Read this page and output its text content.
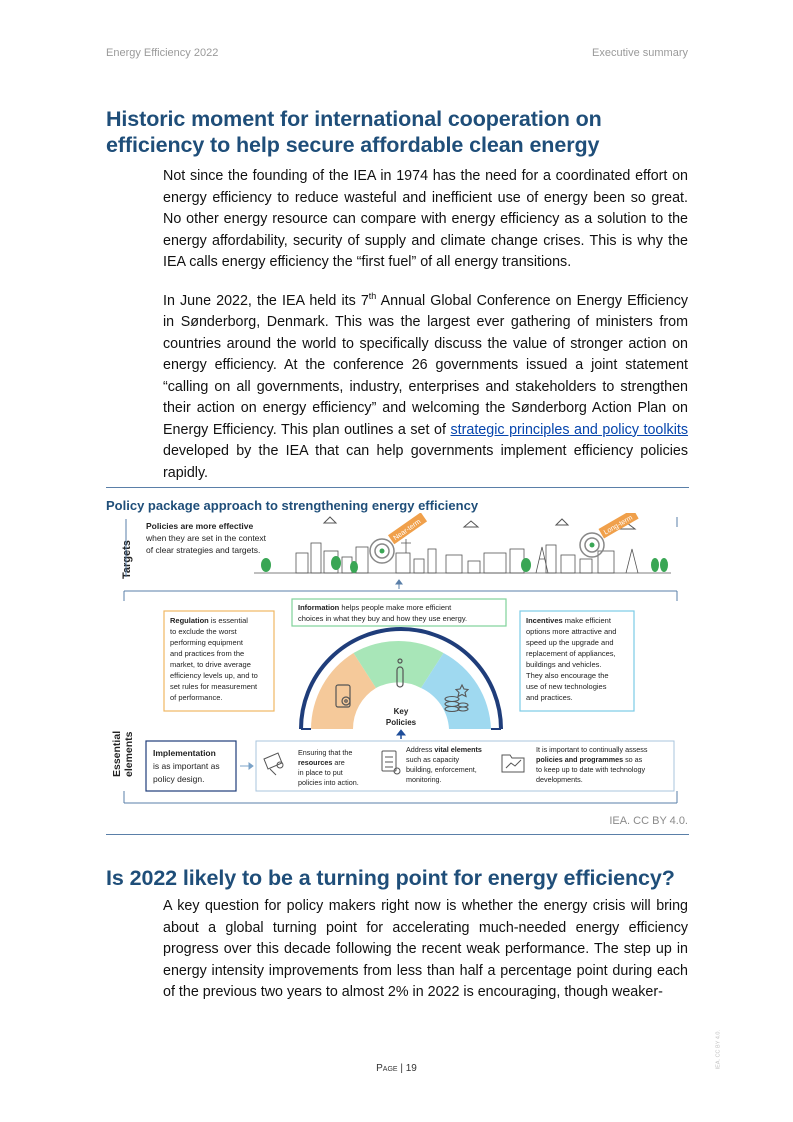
Energy Efficiency 2022	Executive summary
Historic moment for international cooperation on
efficiency to help secure affordable clean energy

Not since the founding of the IEA in 1974 has the need for a coordinated effort on energy efficiency to reduce wasteful and inefficient use of energy been so great. No other energy resource can compare with energy efficiency as a solution to the energy affordability, security of supply and climate change crises. This is why the IEA calls energy efficiency the “first fuel” of all energy transitions.

In June 2022, the IEA held its 7th Annual Global Conference on Energy Efficiency in Sønderborg, Denmark. This was the largest ever gathering of ministers from countries around the world to specifically discuss the value of stronger action on energy efficiency. At the conference 26 governments issued a joint statement “calling on all governments, industry, enterprises and stakeholders to strengthen their action on energy efficiency” and welcoming the Sønderborg Action Plan on Energy Efficiency. This plan outlines a set of strategic principles and policy toolkits developed by the IEA that can help governments implement efficiency policies rapidly.

Policy package approach to strengthening energy efficiency
Targets
Policies are more effective
when they are set in the context
of clear strategies and targets.
Near-term	Long-term
Information helps people make more efficient
choices in what they buy and how they use energy.
Regulation is essential
to exclude the worst
performing equipment
and practices from the
market, to drive average
efficiency levels up, and to
set rules for measurement
of performance.
Incentives make efficient
options more attractive and
speed up the upgrade and
replacement of appliances,
buildings and vehicles.
They also encourage the
use of new technologies
and practices.
Key
Policies
Essential elements Implementation
is as important as
policy design.
Ensuring that the
resources are
in place to put
policies into action.
Address vital elements
such as capacity
building, enforcement,
monitoring.
It is important to continually assess
policies and programmes so as
to keep up to date with technology
developments.
IEA. CC BY 4.0.
Is 2022 likely to be a turning point for energy efficiency?

A key question for policy makers right now is whether the energy crisis will bring about a global turning point for accelerating much-needed energy efficiency progress over this decade following the recent weak performance. The step up in energy intensity improvements from less than half a percentage point during each of the previous two years to almost 2% in 2022 is encouraging, though weaker-

Page | 19	IEA. CC BY 4.0.
